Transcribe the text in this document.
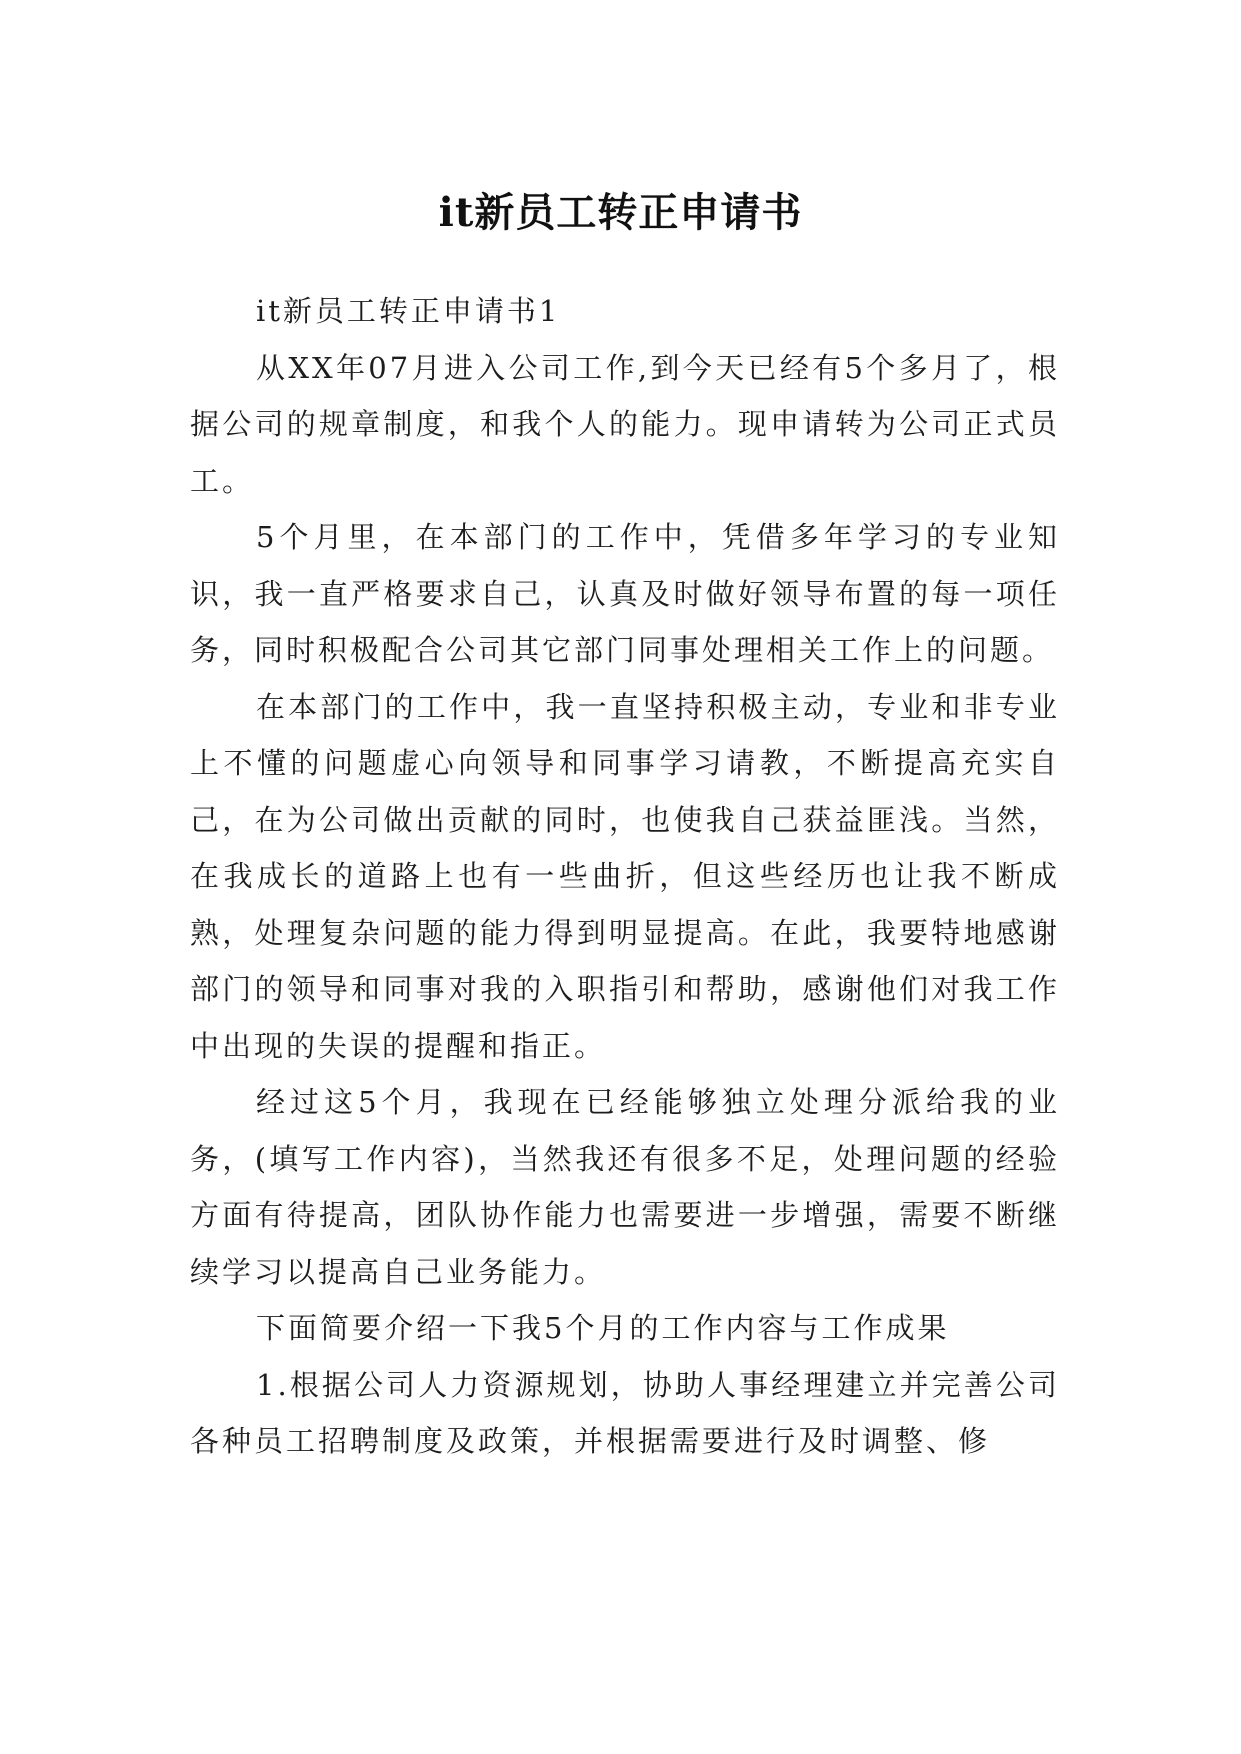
it新员工转正申请书

it新员工转正申请书1

从XX年07月进入公司工作,到今天已经有5个多月了，根据公司的规章制度，和我个人的能力。现申请转为公司正式员工。

5个月里，在本部门的工作中，凭借多年学习的专业知识，我一直严格要求自己，认真及时做好领导布置的每一项任务，同时积极配合公司其它部门同事处理相关工作上的问题。

在本部门的工作中，我一直坚持积极主动，专业和非专业上不懂的问题虚心向领导和同事学习请教，不断提高充实自己，在为公司做出贡献的同时，也使我自己获益匪浅。当然，在我成长的道路上也有一些曲折，但这些经历也让我不断成熟，处理复杂问题的能力得到明显提高。在此，我要特地感谢部门的领导和同事对我的入职指引和帮助，感谢他们对我工作中出现的失误的提醒和指正。

经过这5个月，我现在已经能够独立处理分派给我的业务，(填写工作内容)，当然我还有很多不足，处理问题的经验方面有待提高，团队协作能力也需要进一步增强，需要不断继续学习以提高自己业务能力。

下面简要介绍一下我5个月的工作内容与工作成果

1.根据公司人力资源规划，协助人事经理建立并完善公司各种员工招聘制度及政策，并根据需要进行及时调整、修
